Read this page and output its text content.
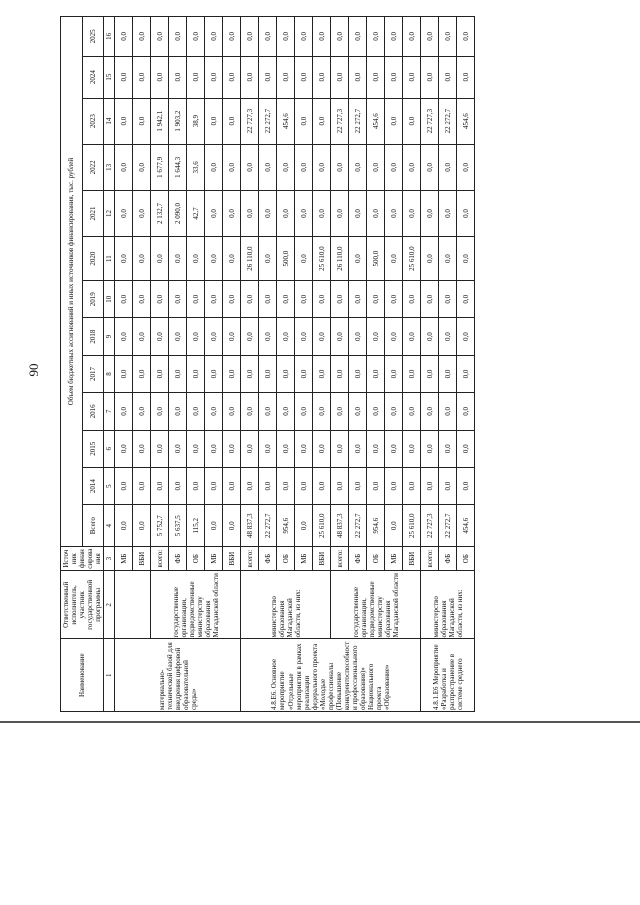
90
Наименование	Ответственный исполнитель, участник государственной программы	Источник финансирования	Объем бюджетных ассигнований и иных источников финансирования, тыс. рублей												
			Всего	2014	2015	2016	2017	2018	2019	2020	2021	2022	2023	2024	2025
1	2	3	4	5	6	7	8	9	10	11	12	13	14	15	16
материально-технической базой для внедрения цифровой образовательной среды»		МБ	0,0	0,0	0,0	0,0	0,0	0,0	0,0	0,0	0,0	0,0	0,0	0,0	0,0
		ВБИ	0,0	0,0	0,0	0,0	0,0	0,0	0,0	0,0	0,0	0,0	0,0	0,0	0,0
	государственные организации, подведомственные министерству образования Магаданской области	всего:	5 752,7	0,0	0,0	0,0	0,0	0,0	0,0	0,0	2 132,7	1 677,9	1 942,1	0,0	0,0
		ФБ	5 637,5	0,0	0,0	0,0	0,0	0,0	0,0	0,0	2 090,0	1 644,3	1 903,2	0,0	0,0
		ОБ	115,2	0,0	0,0	0,0	0,0	0,0	0,0	0,0	42,7	33,6	38,9	0,0	0,0
		МБ	0,0	0,0	0,0	0,0	0,0	0,0	0,0	0,0	0,0	0,0	0,0	0,0	0,0
		ВБИ	0,0	0,0	0,0	0,0	0,0	0,0	0,0	0,0	0,0	0,0	0,0	0,0	0,0
4.8.Е6. Основное мероприятие «Отдельные мероприятия в рамках реализации федерального проекта «Молодые профессионалы (Повышение конкурентоспособности профессионального образования)» Национального проекта «Образование»	министерство образования Магаданской области, из них:	всего:	48 837,3	0,0	0,0	0,0	0,0	0,0	0,0	26 110,0	0,0	0,0	22 727,3	0,0	0,0
		ФБ	22 272,7	0,0	0,0	0,0	0,0	0,0	0,0	0,0	0,0	0,0	22 272,7	0,0	0,0
		ОБ	954,6	0,0	0,0	0,0	0,0	0,0	0,0	500,0	0,0	0,0	454,6	0,0	0,0
		МБ	0,0	0,0	0,0	0,0	0,0	0,0	0,0	0,0	0,0	0,0	0,0	0,0	0,0
		ВБИ	25 610,0	0,0	0,0	0,0	0,0	0,0	0,0	25 610,0	0,0	0,0	0,0	0,0	0,0
	государственные организации, подведомственные министерству образования Магаданской области	всего:	48 837,3	0,0	0,0	0,0	0,0	0,0	0,0	26 110,0	0,0	0,0	22 727,3	0,0	0,0
		ФБ	22 272,7	0,0	0,0	0,0	0,0	0,0	0,0	0,0	0,0	0,0	22 272,7	0,0	0,0
		ОБ	954,6	0,0	0,0	0,0	0,0	0,0	0,0	500,0	0,0	0,0	454,6	0,0	0,0
		МБ	0,0	0,0	0,0	0,0	0,0	0,0	0,0	0,0	0,0	0,0	0,0	0,0	0,0
		ВБИ	25 610,0	0,0	0,0	0,0	0,0	0,0	0,0	25 610,0	0,0	0,0	0,0	0,0	0,0
4.8.1.Е6 Мероприятие «Разработка и распространение в системе среднего	министерство образования Магаданской области, из них:	всего:	22 727,3	0,0	0,0	0,0	0,0	0,0	0,0	0,0	0,0	0,0	22 727,3	0,0	0,0
		ФБ	22 272,7	0,0	0,0	0,0	0,0	0,0	0,0	0,0	0,0	0,0	22 272,7	0,0	0,0
		ОБ	454,6	0,0	0,0	0,0	0,0	0,0	0,0	0,0	0,0	0,0	454,6	0,0	0,0
